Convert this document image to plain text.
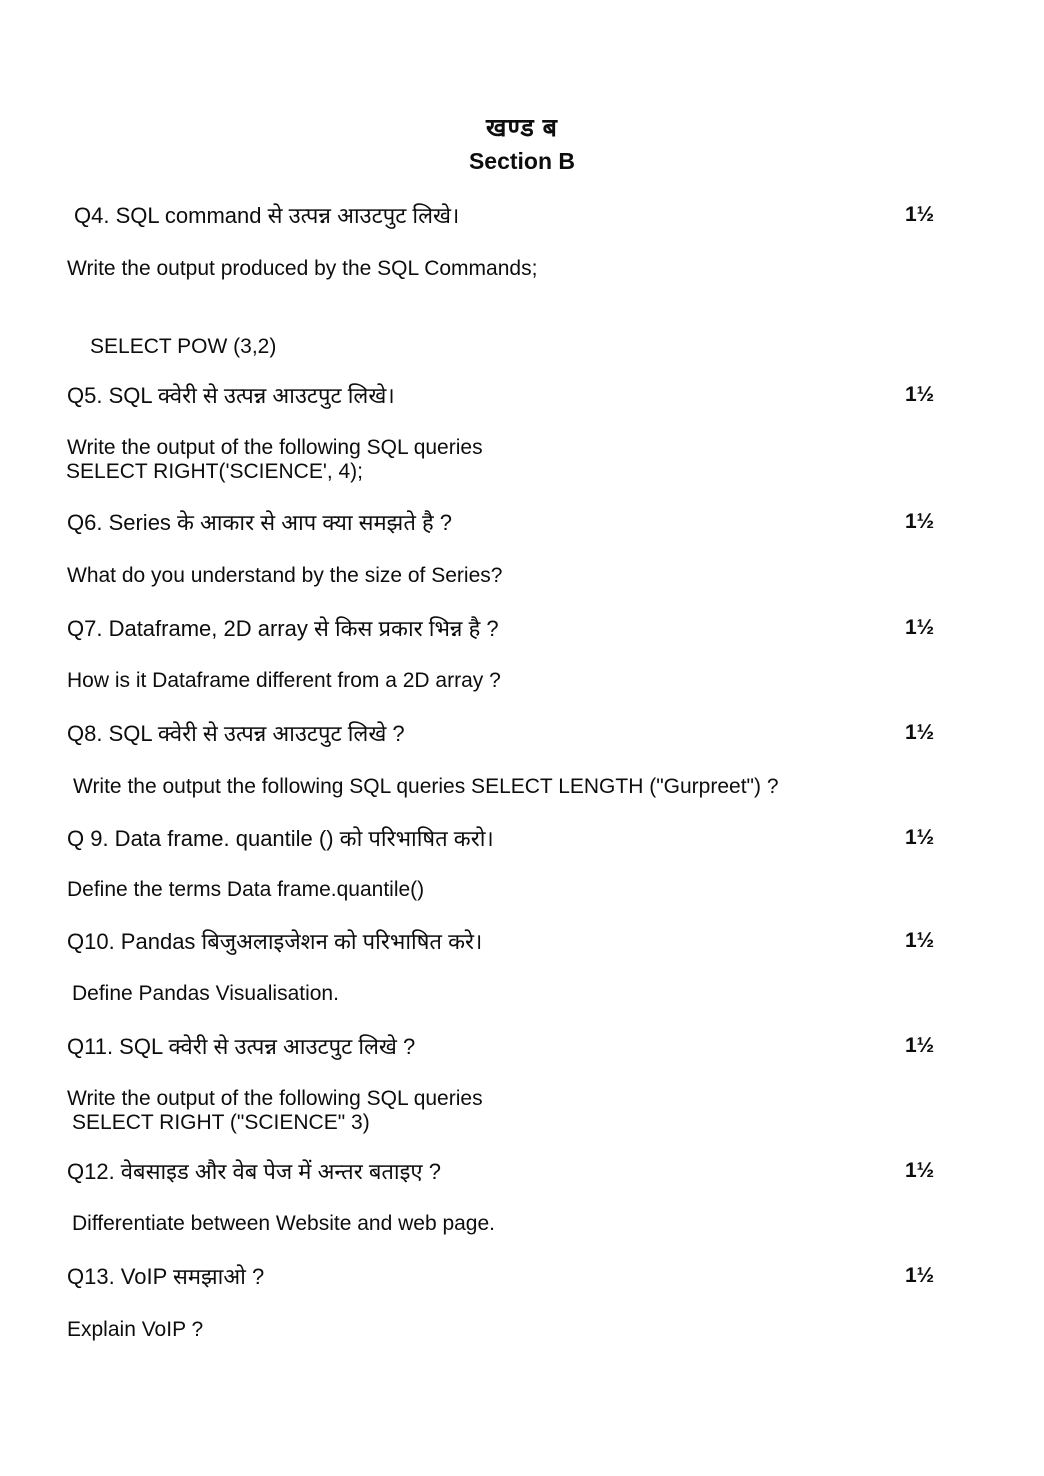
खण्ड ब
Section B
Q4. SQL command से उत्पन्न आउटपुट लिखे।	1½
Write the output produced by the SQL Commands;
SELECT POW (3,2)
Q5. SQL क्वेरी से उत्पन्न आउटपुट लिखे।	1½
Write the output of the following SQL queries
SELECT RIGHT('SCIENCE', 4);
Q6. Series के आकार से आप क्या समझते है ?	1½
What do you understand by the size of Series?
Q7. Dataframe, 2D array से किस प्रकार भिन्न है ?	1½
How is it Dataframe different from a 2D array ?
Q8. SQL क्वेरी से उत्पन्न आउटपुट लिखे ?	1½
Write the output the following SQL queries SELECT LENGTH ("Gurpreet") ?
Q 9. Data frame. quantile () को परिभाषित करो।	1½
Define the terms Data frame.quantile()
Q10. Pandas बिजुअलाइजेशन को परिभाषित करे।	1½
Define Pandas Visualisation.
Q11. SQL क्वेरी से उत्पन्न आउटपुट लिखे ?	1½
Write the output of the following SQL queries
SELECT RIGHT ("SCIENCE" 3)
Q12. वेबसाइड और वेब पेज में अन्तर बताइए ?	1½
Differentiate between Website and web page.
Q13. VoIP समझाओ ?	1½
Explain VoIP ?
